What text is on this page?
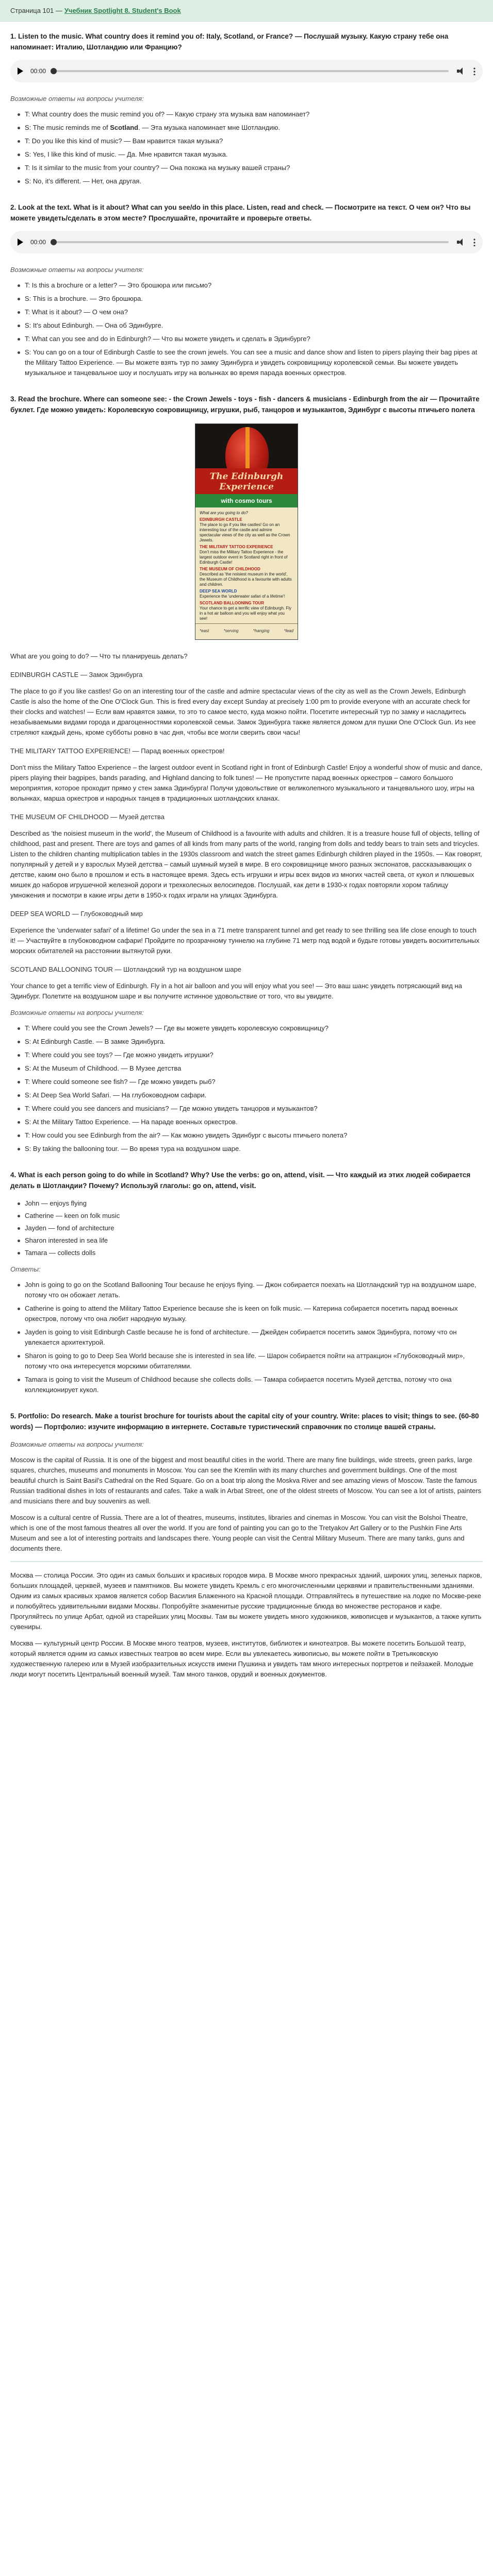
Страница 101 — Учебник Spotlight 8. Student's Book
1. Listen to the music. What country does it remind you of: Italy, Scotland, or France? — Послушай музыку. Какую страну тебе она напоминает: Италию, Шотландию или Францию?
00:00
Возможные ответы на вопросы учителя:
T: What country does the music remind you of? — Какую страну эта музыка вам напоминает?
S: The music reminds me of Scotland. — Эта музыка напоминает мне Шотландию.
T: Do you like this kind of music? — Вам нравится такая музыка?
S: Yes, I like this kind of music. — Да. Мне нравится такая музыка.
T: Is it similar to the music from your country? — Она похожа на музыку вашей страны?
S: No, it's different. — Нет, она другая.
2. Look at the text. What is it about? What can you see/do in this place. Listen, read and check. — Посмотрите на текст. О чем он? Что вы можете увидеть/сделать в этом месте? Прослушайте, прочитайте и проверьте ответы.
00:00
Возможные ответы на вопросы учителя:
T: Is this a brochure or a letter? — Это брошюра или письмо?
S: This is a brochure. — Это брошюра.
T: What is it about? — О чем она?
S: It's about Edinburgh. — Она об Эдинбурге.
T: What can you see and do in Edinburgh? — Что вы можете увидеть и сделать в Эдинбурге?
S: You can go on a tour of Edinburgh Castle to see the crown jewels. You can see a music and dance show and listen to pipers playing their bag pipes at the Military Tattoo Experience. — Вы можете взять тур по замку Эдинбурга и увидеть сокровищницу королевской семьи. Вы можете увидеть музыкальное и танцевальное шоу и послушать игру на волынках во время парада военных оркестров.
3. Read the brochure. Where can someone see: - the Crown Jewels - toys - fish - dancers & musicians - Edinburgh from the air — Прочитайте буклет. Где можно увидеть: Королевскую сокровищницу, игрушки, рыб, танцоров и музыкантов, Эдинбург с высоты птичьего полета
The Edinburgh Experience
with cosmo tours
What are you going to do?
EDINBURGH CASTLE
The place to go if you like castles! Go on an interesting tour of the castle and admire spectacular views of the city as well as the Crown Jewels.
THE MILITARY TATTOO EXPERIENCE
Don't miss the Military Tattoo Experience - the largest outdoor event in Scotland right in front of Edinburgh Castle!
THE MUSEUM OF CHILDHOOD
Described as 'the noisiest museum in the world', the Museum of Childhood is a favourite with adults and children.
DEEP SEA WORLD
Experience the 'underwater safari of a lifetime'!
SCOTLAND BALLOONING TOUR
Your chance to get a terrific view of Edinburgh. Fly in a hot air balloon and you will enjoy what you see!
*east	*serving	*hanging	*lead
What are you going to do? — Что ты планируешь делать?
EDINBURGH CASTLE — Замок Эдинбурга
The place to go if you like castles! Go on an interesting tour of the castle and admire spectacular views of the city as well as the Crown Jewels, Edinburgh Castle is also the home of the One O'Clock Gun. This is fired every day except Sunday at precisely 1:00 pm to provide everyone with an accurate check for their clocks and watches! — Если вам нравятся замки, то это то самое место, куда можно пойти. Посетите интересный тур по замку и насладитесь незабываемыми видами города и драгоценностями королевской семьи. Замок Эдинбурга также является домом для пушки One O'Clock Gun. Из нее стреляют каждый день, кроме субботы ровно в час дня, чтобы все могли сверить свои часы!
THE MILITARY TATTOO EXPERIENCE! — Парад военных оркестров!
Don't miss the Military Tattoo Experience – the largest outdoor event in Scotland right in front of Edinburgh Castle! Enjoy a wonderful show of music and dance, pipers playing their bagpipes, bands parading, and Highland dancing to folk tunes! — Не пропустите парад военных оркестров – самого большого мероприятия, которое проходит прямо у стен замка Эдинбурга! Получи удовольствие от великолепного музыкального и танцевального шоу, игры на волынках, марша оркестров и народных танцев в традиционных шотландских кланах.
THE MUSEUM OF CHILDHOOD — Музей детства
Described as 'the noisiest museum in the world', the Museum of Childhood is a favourite with adults and children. It is a treasure house full of objects, telling of childhood, past and present. There are toys and games of all kinds from many parts of the world, ranging from dolls and teddy bears to train sets and tricycles. Listen to the children chanting multiplication tables in the 1930s classroom and watch the street games Edinburgh children played in the 1950s. — Как говорят, популярный у детей и у взрослых Музей детства – самый шумный музей в мире. В его сокровищнице много разных экспонатов, рассказывающих о детстве, каким оно было в прошлом и есть в настоящее время. Здесь есть игрушки и игры всех видов из многих частей света, от кукол и плюшевых мишек до наборов игрушечной железной дороги и трехколесных велосипедов. Послушай, как дети в 1930-х годах повторяли хором таблицу умножения и посмотри в какие игры дети в 1950-х годах играли на улицах Эдинбурга.
DEEP SEA WORLD — Глубоководный мир
Experience the 'underwater safari' of a lifetime! Go under the sea in a 71 metre transparent tunnel and get ready to see thrilling sea life close enough to touch it! — Участвуйте в глубоководном сафари! Пройдите по прозрачному туннелю на глубине 71 метр под водой и будьте готовы увидеть восхитительных морских обитателей на расстоянии вытянутой руки.
SCOTLAND BALLOONING TOUR — Шотландский тур на воздушном шаре
Your chance to get a terrific view of Edinburgh. Fly in a hot air balloon and you will enjoy what you see! — Это ваш шанс увидеть потрясающий вид на Эдинбург. Полетите на воздушном шаре и вы получите истинное удовольствие от того, что вы увидите.
Возможные ответы на вопросы учителя:
T: Where could you see the Crown Jewels? — Где вы можете увидеть королевскую сокровищницу?
S: At Edinburgh Castle. — В замке Эдинбурга.
T: Where could you see toys? — Где можно увидеть игрушки?
S: At the Museum of Childhood. — В Музее детства
T: Where could someone see fish? — Где можно увидеть рыб?
S: At Deep Sea World Safari. — На глубоководном сафари.
T: Where could you see dancers and musicians? — Где можно увидеть танцоров и музыкантов?
S: At the Military Tattoo Experience. — На параде военных оркестров.
T: How could you see Edinburgh from the air? — Как можно увидеть Эдинбург с высоты птичьего полета?
S: By taking the ballooning tour. — Во время тура на воздушном шаре.
4. What is each person going to do while in Scotland? Why? Use the verbs: go on, attend, visit. — Что каждый из этих людей собирается делать в Шотландии? Почему? Используй глаголы: go on, attend, visit.
John — enjoys flying
Catherine — keen on folk music
Jayden — fond of architecture
Sharon interested in sea life
Tamara — collects dolls
Ответы:
John is going to go on the Scotland Ballooning Tour because he enjoys flying. — Джон собирается поехать на Шотландский тур на воздушном шаре, потому что он обожает летать.
Catherine is going to attend the Military Tattoo Experience because she is keen on folk music. — Катерина собирается посетить парад военных оркестров, потому что она любит народную музыку.
Jayden is going to visit Edinburgh Castle because he is fond of architecture. — Джейден собирается посетить замок Эдинбурга, потому что он увлекается архитектурой.
Sharon is going to go to Deep Sea World because she is interested in sea life. — Шарон собирается пойти на аттракцион «Глубоководный мир», потому что она интересуется морскими обитателями.
Tamara is going to visit the Museum of Childhood because she collects dolls. — Тамара собирается посетить Музей детства, потому что она коллекционирует кукол.
5. Portfolio: Do research. Make a tourist brochure for tourists about the capital city of your country. Write: places to visit; things to see. (60-80 words) — Портфолио: изучите информацию в интернете. Составьте туристический справочник по столице вашей страны.
Возможные ответы на вопросы учителя:
Moscow is the capital of Russia. It is one of the biggest and most beautiful cities in the world. There are many fine buildings, wide streets, green parks, large squares, churches, museums and monuments in Moscow. You can see the Kremlin with its many churches and government buildings. One of the most beautiful church is Saint Basil's Cathedral on the Red Square. Go on a boat trip along the Moskva River and see amazing views of Moscow. Taste the famous Russian traditional dishes in lots of restaurants and cafes. Take a walk in Arbat Street, one of the oldest streets of Moscow. You can see a lot of artists, painters and musicians there and buy souvenirs as well.
Moscow is a cultural centre of Russia. There are a lot of theatres, museums, institutes, libraries and cinemas in Moscow. You can visit the Bolshoi Theatre, which is one of the most famous theatres all over the world. If you are fond of painting you can go to the Tretyakov Art Gallery or to the Pushkin Fine Arts Museum and see a lot of interesting portraits and landscapes there. Young people can visit the Central Military Museum. There are many tanks, guns and documents there.
Москва — столица России. Это один из самых больших и красивых городов мира. В Москве много прекрасных зданий, широких улиц, зеленых парков, больших площадей, церквей, музеев и памятников. Вы можете увидеть Кремль с его многочисленными церквями и правительственными зданиями. Одним из самых красивых храмов является собор Василия Блаженного на Красной площади. Отправляйтесь в путешествие на лодке по Москве-реке и полюбуйтесь удивительными видами Москвы. Попробуйте знаменитые русские традиционные блюда во множестве ресторанов и кафе. Прогуляйтесь по улице Арбат, одной из старейших улиц Москвы. Там вы можете увидеть много художников, живописцев и музыкантов, а также купить сувениры.
Москва — культурный центр России. В Москве много театров, музеев, институтов, библиотек и кинотеатров. Вы можете посетить Большой театр, который является одним из самых известных театров во всем мире. Если вы увлекаетесь живописью, вы можете пойти в Третьяковскую художественную галерею или в Музей изобразительных искусств имени Пушкина и увидеть там много интересных портретов и пейзажей. Молодые люди могут посетить Центральный военный музей. Там много танков, орудий и военных документов.
